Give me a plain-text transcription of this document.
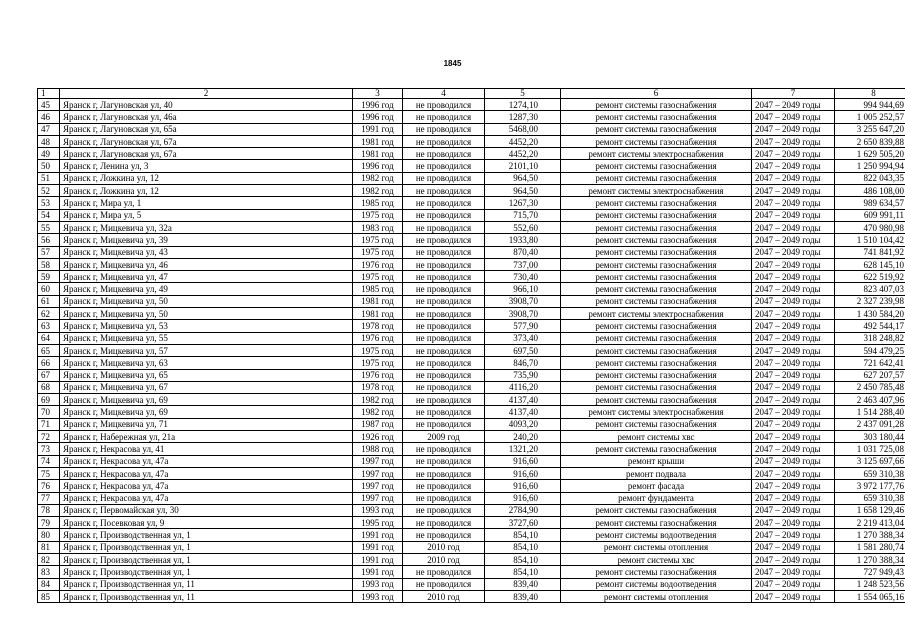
1845
1	2	3	4	5	6	7	8
45	Яранск г, Лагуновская ул, 40	1996 год	не проводился	1274,10	ремонт системы газоснабжения	2047 – 2049 годы	994 944,69
46	Яранск г, Лагуновская ул, 46а	1996 год	не проводился	1287,30	ремонт системы газоснабжения	2047 – 2049 годы	1 005 252,57
47	Яранск г, Лагуновская ул, 65а	1991 год	не проводился	5468,00	ремонт системы газоснабжения	2047 – 2049 годы	3 255 647,20
48	Яранск г, Лагуновская ул, 67а	1981 год	не проводился	4452,20	ремонт системы газоснабжения	2047 – 2049 годы	2 650 839,88
49	Яранск г, Лагуновская ул, 67а	1981 год	не проводился	4452,20	ремонт системы электроснабжения	2047 – 2049 годы	1 629 505,20
50	Яранск г, Ленина ул, 3	1996 год	не проводился	2101,10	ремонт системы газоснабжения	2047 – 2049 годы	1 250 994,94
51	Яранск г, Ложкина ул, 12	1982 год	не проводился	964,50	ремонт системы газоснабжения	2047 – 2049 годы	822 043,35
52	Яранск г, Ложкина ул, 12	1982 год	не проводился	964,50	ремонт системы электроснабжения	2047 – 2049 годы	486 108,00
53	Яранск г, Мира ул, 1	1985 год	не проводился	1267,30	ремонт системы газоснабжения	2047 – 2049 годы	989 634,57
54	Яранск г, Мира ул, 5	1975 год	не проводился	715,70	ремонт системы газоснабжения	2047 – 2049 годы	609 991,11
55	Яранск г, Мицкевича ул, 32а	1983 год	не проводился	552,60	ремонт системы газоснабжения	2047 – 2049 годы	470 980,98
56	Яранск г, Мицкевича ул, 39	1975 год	не проводился	1933,80	ремонт системы газоснабжения	2047 – 2049 годы	1 510 104,42
57	Яранск г, Мицкевича ул, 43	1975 год	не проводился	870,40	ремонт системы газоснабжения	2047 – 2049 годы	741 841,92
58	Яранск г, Мицкевича ул, 46	1976 год	не проводился	737,00	ремонт системы газоснабжения	2047 – 2049 годы	628 145,10
59	Яранск г, Мицкевича ул, 47	1975 год	не проводился	730,40	ремонт системы газоснабжения	2047 – 2049 годы	622 519,92
60	Яранск г, Мицкевича ул, 49	1985 год	не проводился	966,10	ремонт системы газоснабжения	2047 – 2049 годы	823 407,03
61	Яранск г, Мицкевича ул, 50	1981 год	не проводился	3908,70	ремонт системы газоснабжения	2047 – 2049 годы	2 327 239,98
62	Яранск г, Мицкевича ул, 50	1981 год	не проводился	3908,70	ремонт системы электроснабжения	2047 – 2049 годы	1 430 584,20
63	Яранск г, Мицкевича ул, 53	1978 год	не проводился	577,90	ремонт системы газоснабжения	2047 – 2049 годы	492 544,17
64	Яранск г, Мицкевича ул, 55	1976 год	не проводился	373,40	ремонт системы газоснабжения	2047 – 2049 годы	318 248,82
65	Яранск г, Мицкевича ул, 57	1975 год	не проводился	697,50	ремонт системы газоснабжения	2047 – 2049 годы	594 479,25
66	Яранск г, Мицкевича ул, 63	1975 год	не проводился	846,70	ремонт системы газоснабжения	2047 – 2049 годы	721 642,41
67	Яранск г, Мицкевича ул, 65	1976 год	не проводился	735,90	ремонт системы газоснабжения	2047 – 2049 годы	627 207,57
68	Яранск г, Мицкевича ул, 67	1978 год	не проводился	4116,20	ремонт системы газоснабжения	2047 – 2049 годы	2 450 785,48
69	Яранск г, Мицкевича ул, 69	1982 год	не проводился	4137,40	ремонт системы газоснабжения	2047 – 2049 годы	2 463 407,96
70	Яранск г, Мицкевича ул, 69	1982 год	не проводился	4137,40	ремонт системы электроснабжения	2047 – 2049 годы	1 514 288,40
71	Яранск г, Мицкевича ул, 71	1987 год	не проводился	4093,20	ремонт системы газоснабжения	2047 – 2049 годы	2 437 091,28
72	Яранск г, Набережная ул, 21а	1926 год	2009 год	240,20	ремонт системы хвс	2047 – 2049 годы	303 180,44
73	Яранск г, Некрасова ул, 41	1988 год	не проводился	1321,20	ремонт системы газоснабжения	2047 – 2049 годы	1 031 725,08
74	Яранск г, Некрасова ул, 47а	1997 год	не проводился	916,60	ремонт крыши	2047 – 2049 годы	3 125 697,66
75	Яранск г, Некрасова ул, 47а	1997 год	не проводился	916,60	ремонт подвала	2047 – 2049 годы	659 310,38
76	Яранск г, Некрасова ул, 47а	1997 год	не проводился	916,60	ремонт фасада	2047 – 2049 годы	3 972 177,76
77	Яранск г, Некрасова ул, 47а	1997 год	не проводился	916,60	ремонт фундамента	2047 – 2049 годы	659 310,38
78	Яранск г, Первомайская ул, 30	1993 год	не проводился	2784,90	ремонт системы газоснабжения	2047 – 2049 годы	1 658 129,46
79	Яранск г, Посевковая ул, 9	1995 год	не проводился	3727,60	ремонт системы газоснабжения	2047 – 2049 годы	2 219 413,04
80	Яранск г, Производственная ул, 1	1991 год	не проводился	854,10	ремонт системы водоотведения	2047 – 2049 годы	1 270 388,34
81	Яранск г, Производственная ул, 1	1991 год	2010 год	854,10	ремонт системы отопления	2047 – 2049 годы	1 581 280,74
82	Яранск г, Производственная ул, 1	1991 год	2010 год	854,10	ремонт системы хвс	2047 – 2049 годы	1 270 388,34
83	Яранск г, Производственная ул, 1	1991 год	не проводился	854,10	ремонт системы газоснабжения	2047 – 2049 годы	727 949,43
84	Яранск г, Производственная ул, 11	1993 год	не проводился	839,40	ремонт системы водоотведения	2047 – 2049 годы	1 248 523,56
85	Яранск г, Производственная ул, 11	1993 год	2010 год	839,40	ремонт системы отопления	2047 – 2049 годы	1 554 065,16
